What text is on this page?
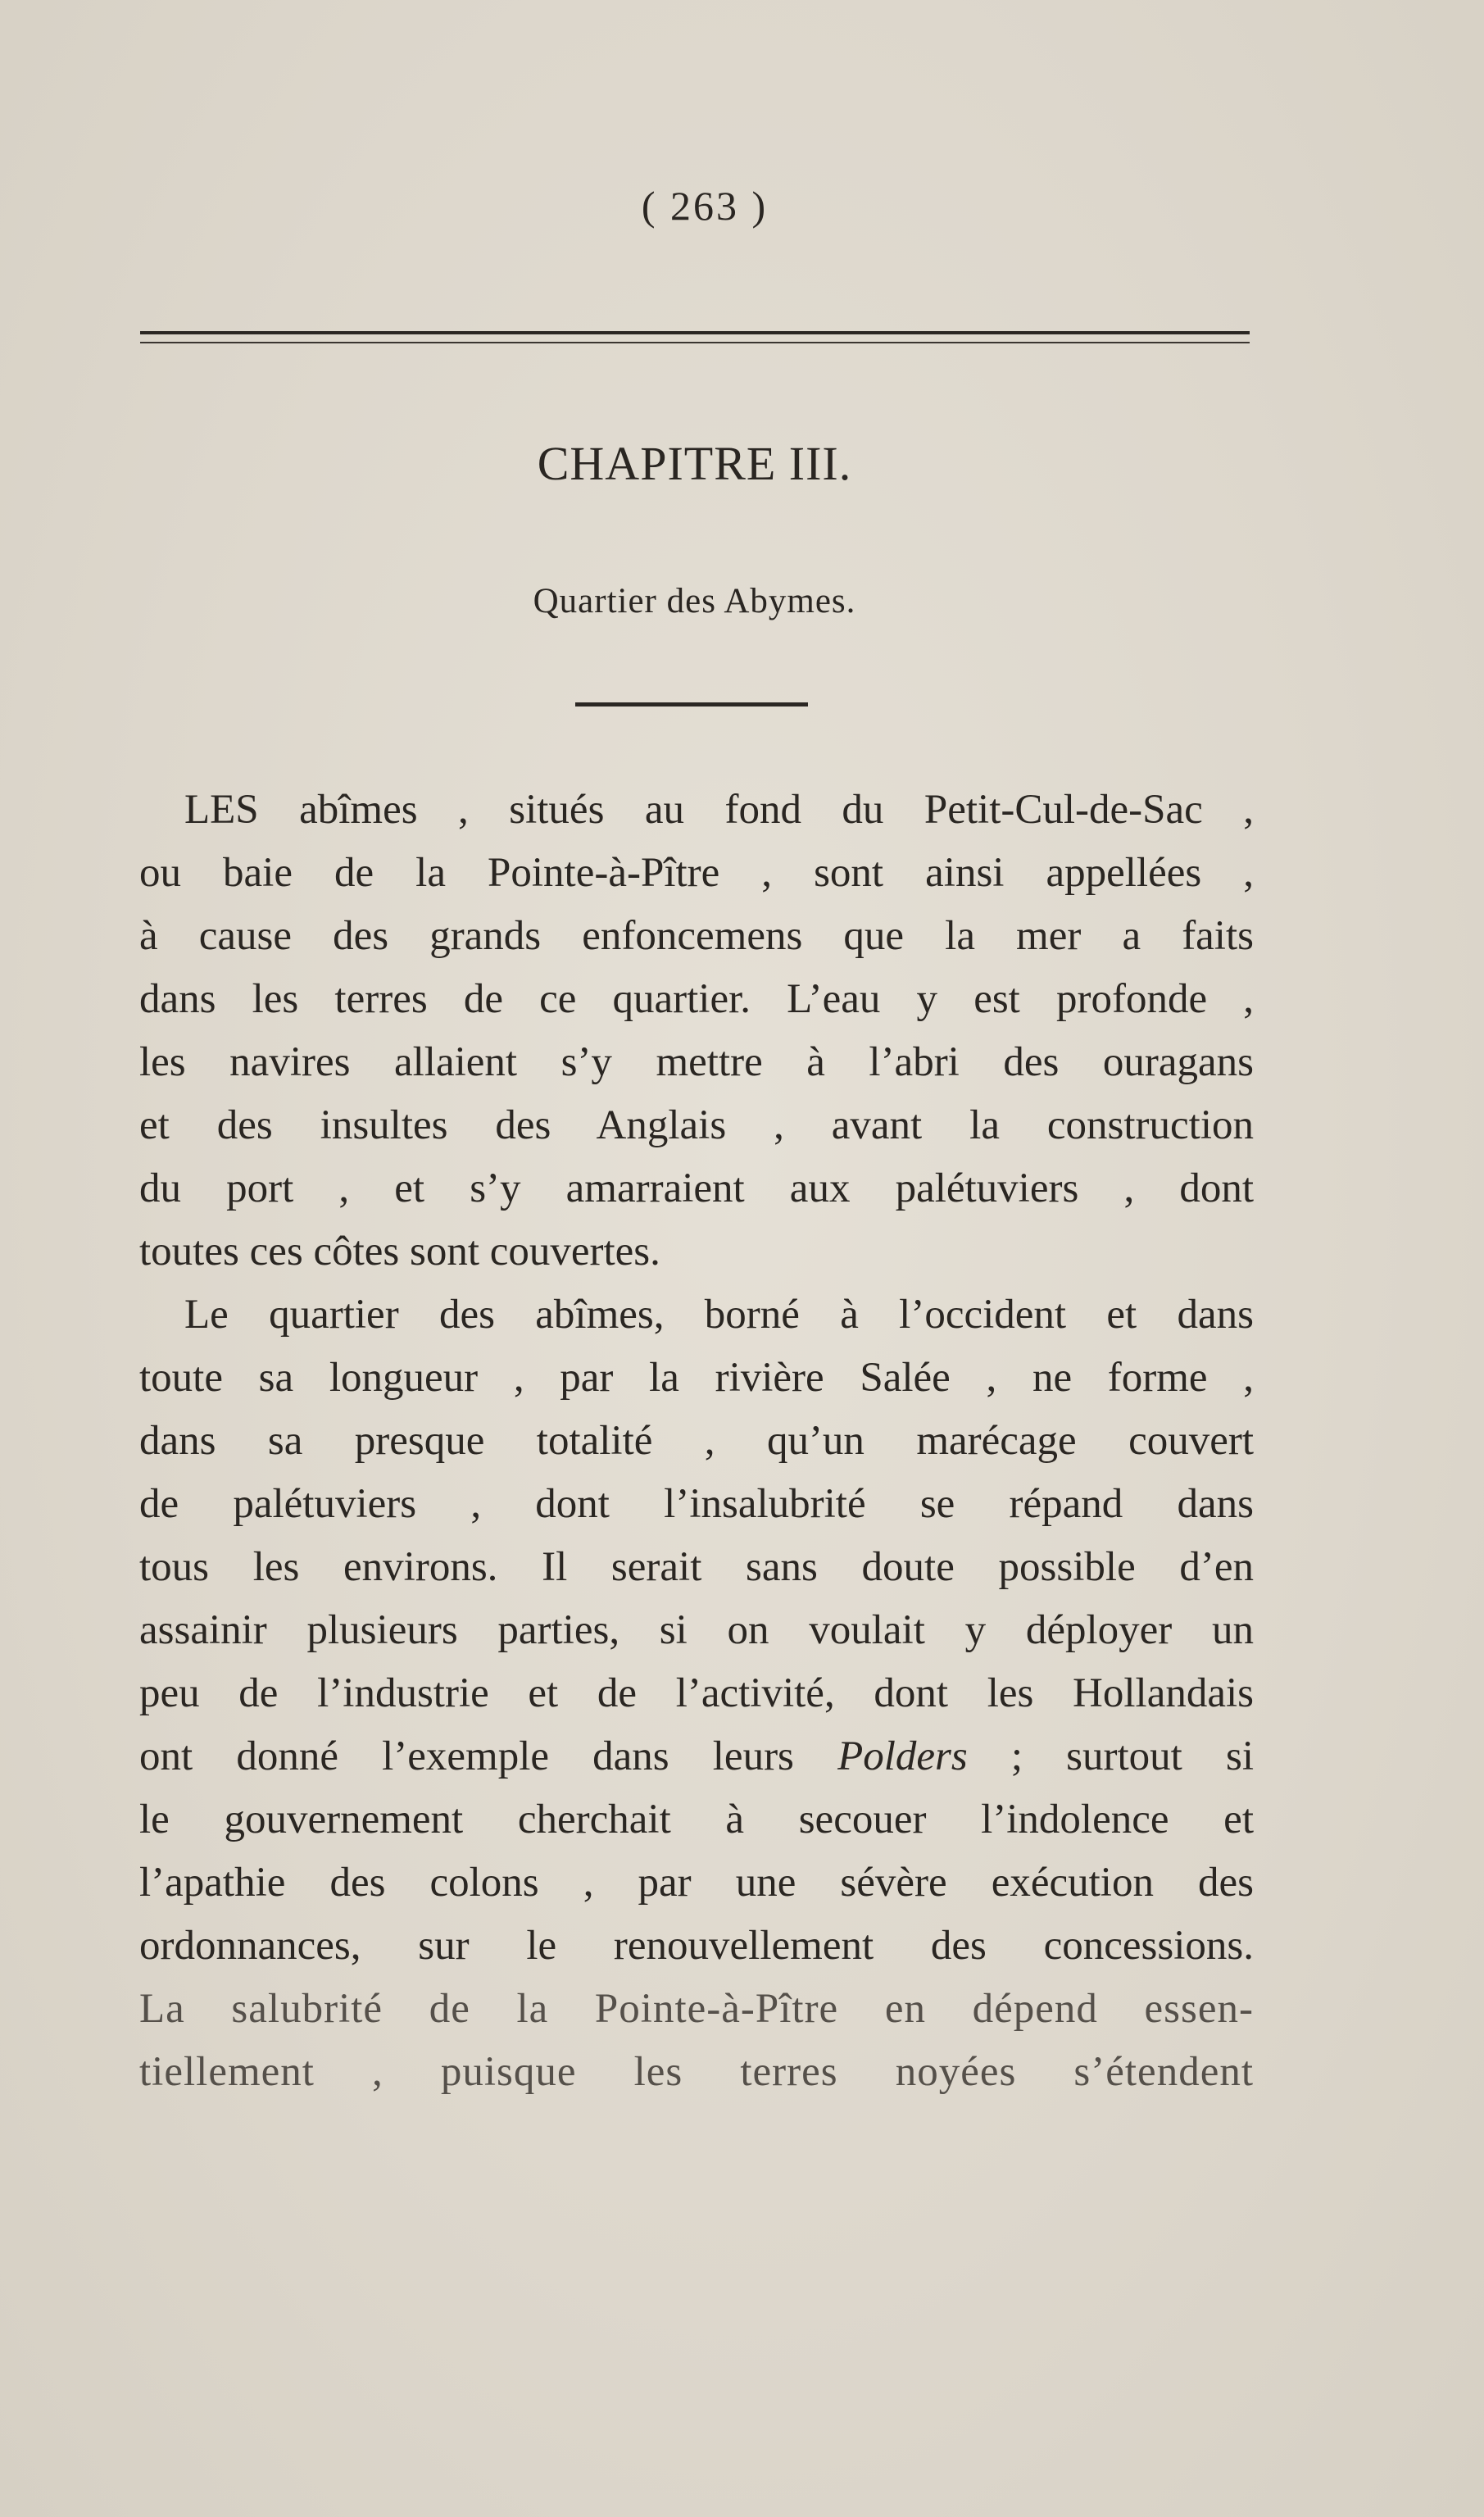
( 263 )
CHAPITRE III.
Quartier des Abymes.
LES abîmes , situés au fond du Petit-Cul-de-Sac ,
ou baie de la Pointe-à-Pître , sont ainsi appellées ,
à cause des grands enfoncemens que la mer a faits
dans les terres de ce quartier. L’eau y est profonde ,
les navires allaient s’y mettre à l’abri des ouragans
et des insultes des Anglais , avant la construction
du port , et s’y amarraient aux palétuviers , dont
toutes ces côtes sont couvertes.
Le quartier des abîmes, borné à l’occident et dans
toute sa longueur , par la rivière Salée , ne forme ,
dans sa presque totalité , qu’un marécage couvert
de palétuviers , dont l’insalubrité se répand dans
tous les environs. Il serait sans doute possible d’en
assainir plusieurs parties, si on voulait y déployer un
peu de l’industrie et de l’activité, dont les Hollandais
ont donné l’exemple dans leurs Polders ; surtout si
le gouvernement cherchait à secouer l’indolence et
l’apathie des colons , par une sévère exécution des
ordonnances, sur le renouvellement des concessions.
La salubrité de la Pointe-à-Pître en dépend essen-
tiellement , puisque les terres noyées s’étendent
